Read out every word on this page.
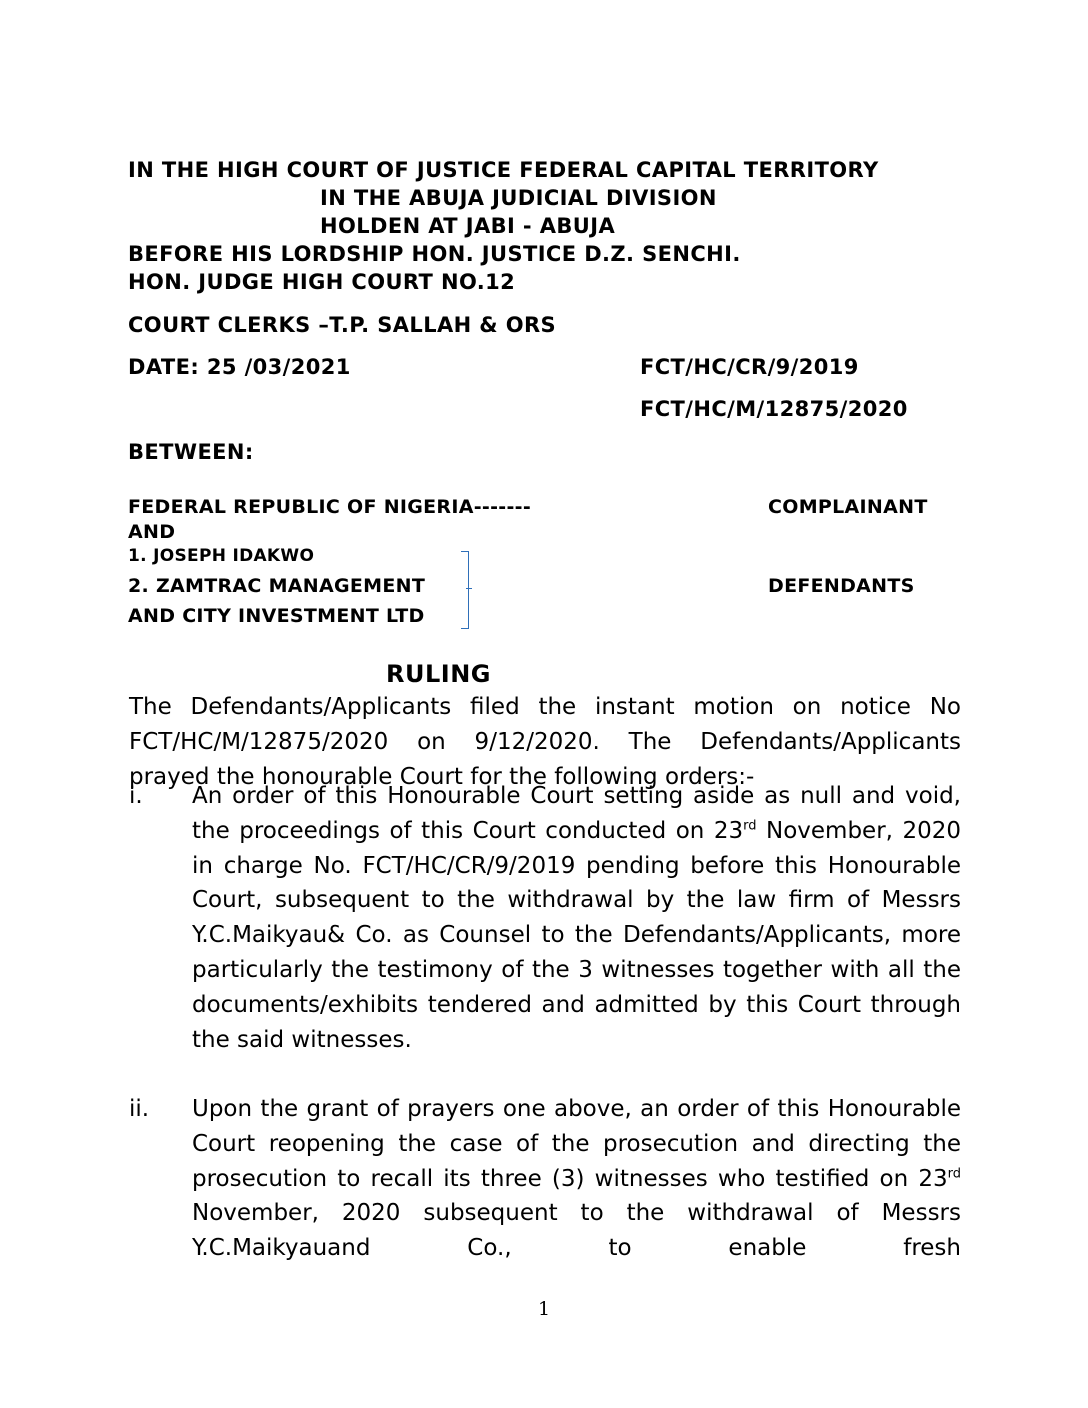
IN THE HIGH COURT OF JUSTICE FEDERAL CAPITAL TERRITORY
IN THE ABUJA JUDICIAL DIVISION
HOLDEN AT JABI - ABUJA
BEFORE HIS LORDSHIP HON. JUSTICE D.Z. SENCHI.
HON. JUDGE HIGH COURT NO.12
COURT CLERKS –T.P. SALLAH & ORS
DATE: 25 /03/2021	FCT/HC/CR/9/2019
FCT/HC/M/12875/2020
BETWEEN:
FEDERAL REPUBLIC OF NIGERIA-------	COMPLAINANT
AND
1. JOSEPH IDAKWO
2. ZAMTRAC MANAGEMENT
AND CITY INVESTMENT LTD
DEFENDANTS
RULING

The Defendants/Applicants filed the instant motion on notice No FCT/HC/M/12875/2020 on 9/12/2020. The Defendants/Applicants prayed the honourable Court for the following orders:-

i. An order of this Honourable Court setting aside as null and void, the proceedings of this Court conducted on 23rd November, 2020 in charge No. FCT/HC/CR/9/2019 pending before this Honourable Court, subsequent to the withdrawal by the law firm of Messrs Y.C.Maikyau& Co. as Counsel to the Defendants/Applicants, more particularly the testimony of the 3 witnesses together with all the documents/exhibits tendered and admitted by this Court through the said witnesses.

ii. Upon the grant of prayers one above, an order of this Honourable Court reopening the case of the prosecution and directing the prosecution to recall its three (3) witnesses who testified on 23rd November, 2020 subsequent to the withdrawal of Messrs Y.C.Maikyauand Co., to enable fresh

1
